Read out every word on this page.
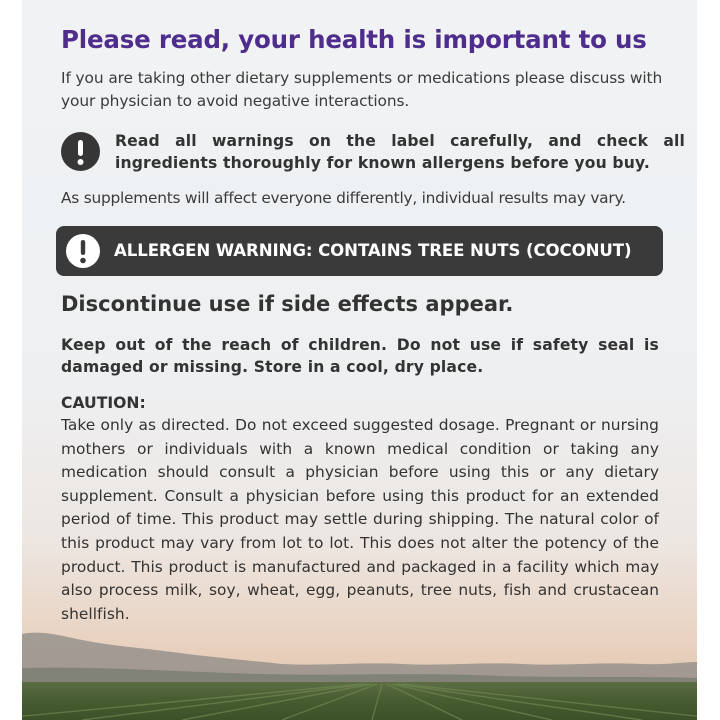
Please read, your health is important to us
If you are taking other dietary supplements or medications please discuss with your physician to avoid negative interactions.
Read all warnings on the label carefully, and check all ingredients thoroughly for known allergens before you buy.
As supplements will affect everyone differently, individual results may vary.
ALLERGEN WARNING: CONTAINS TREE NUTS (COCONUT)
Discontinue use if side effects appear.
Keep out of the reach of children. Do not use if safety seal is damaged or missing. Store in a cool, dry place.
CAUTION:
Take only as directed. Do not exceed suggested dosage. Pregnant or nursing mothers or individuals with a known medical condition or taking any medication should consult a physician before using this or any dietary supplement. Consult a physician before using this product for an extended period of time. This product may settle during shipping. The natural color of this product may vary from lot to lot. This does not alter the potency of the product. This product is manufactured and packaged in a facility which may also process milk, soy, wheat, egg, peanuts, tree nuts, fish and crustacean shellfish.
